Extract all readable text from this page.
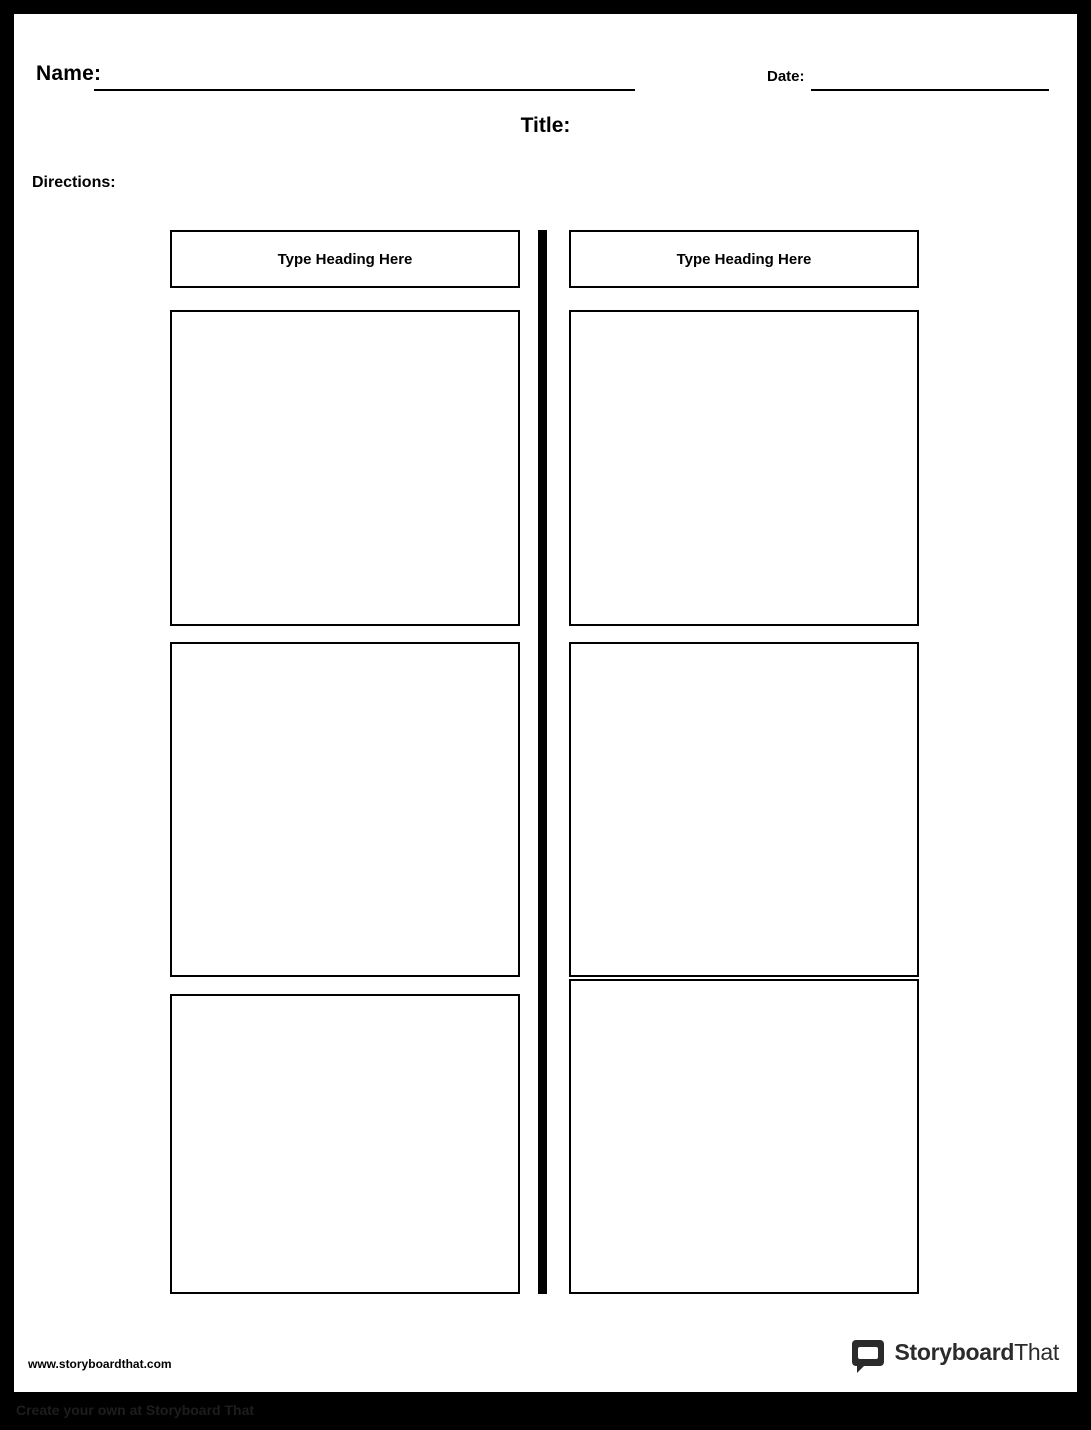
Name:	Date:
Title:
Directions:
Type Heading Here	Type Heading Here
www.storyboardthat.com	StoryboardThat
Create your own at Storyboard That
